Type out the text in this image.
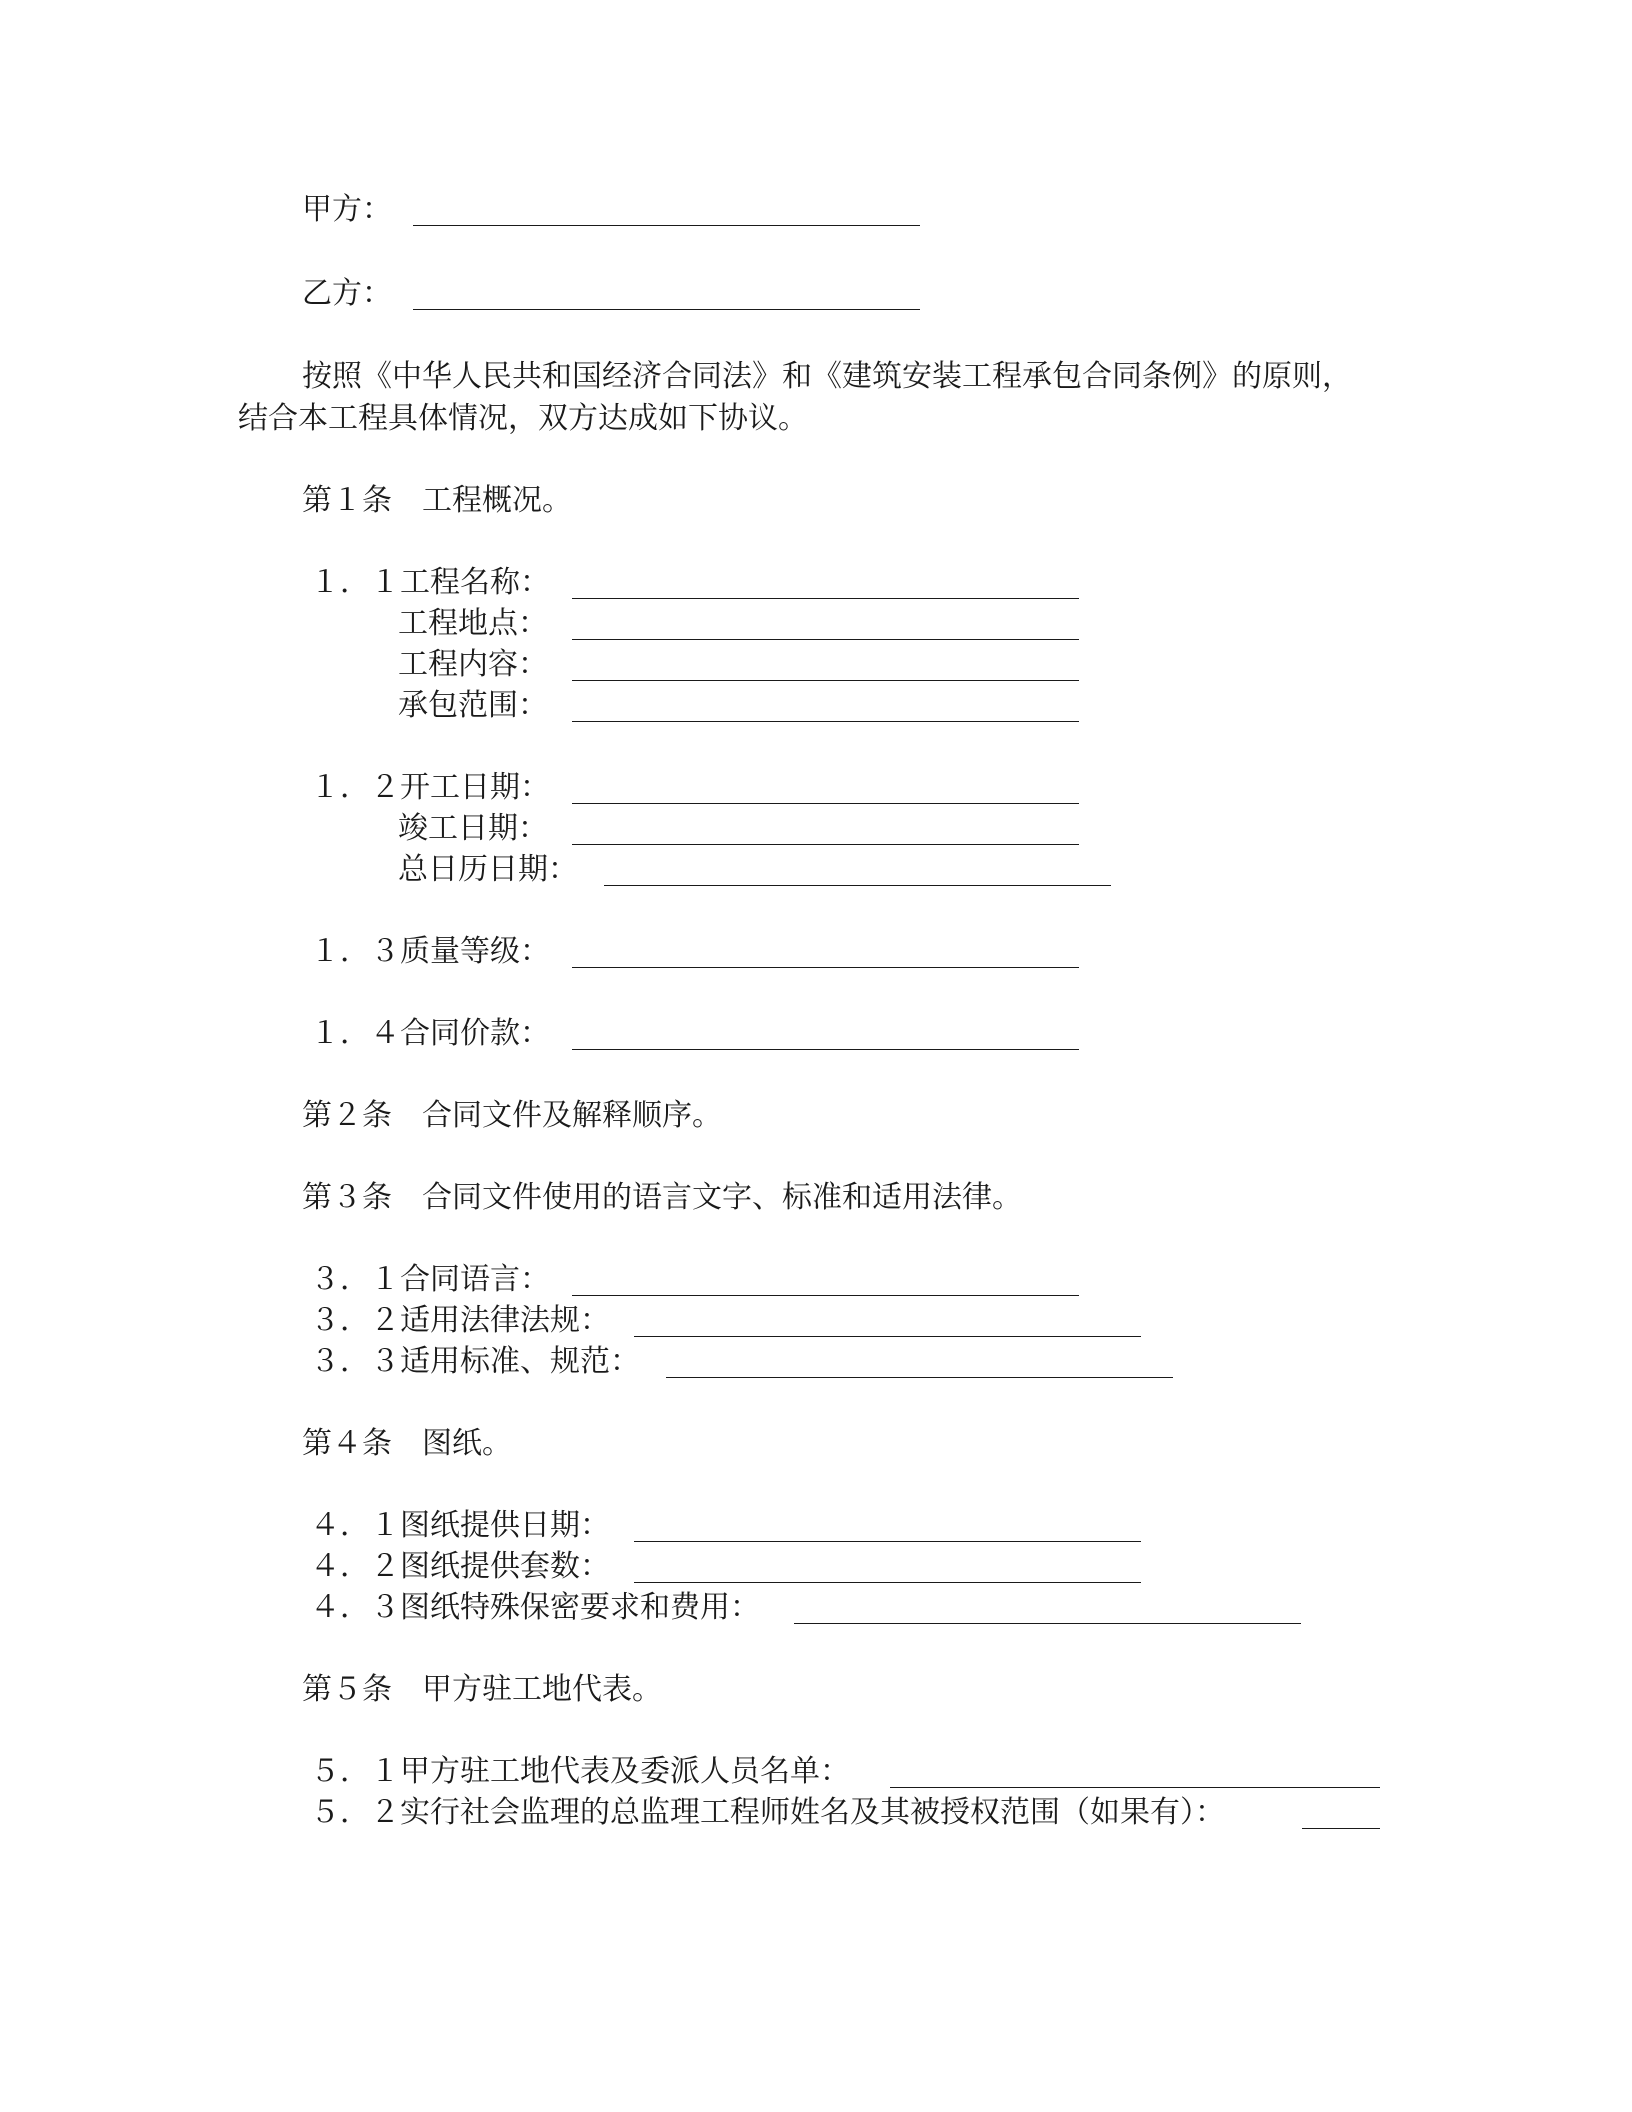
甲方：
乙方：
按照《中华人民共和国经济合同法》和《建筑安装工程承包合同条例》的原则，
结合本工程具体情况，双方达成如下协议。
第１条　工程概况。
１．１工程名称：
工程地点：
工程内容：
承包范围：
１．２开工日期：
竣工日期：
总日历日期：
１．３质量等级：
１．４合同价款：
第２条　合同文件及解释顺序。
第３条　合同文件使用的语言文字、标准和适用法律。
３．１合同语言：
３．２适用法律法规：
３．３适用标准、规范：
第４条　图纸。
４．１图纸提供日期：
４．２图纸提供套数：
４．３图纸特殊保密要求和费用：
第５条　甲方驻工地代表。
５．１甲方驻工地代表及委派人员名单：
５．２实行社会监理的总监理工程师姓名及其被授权范围（如果有）：
